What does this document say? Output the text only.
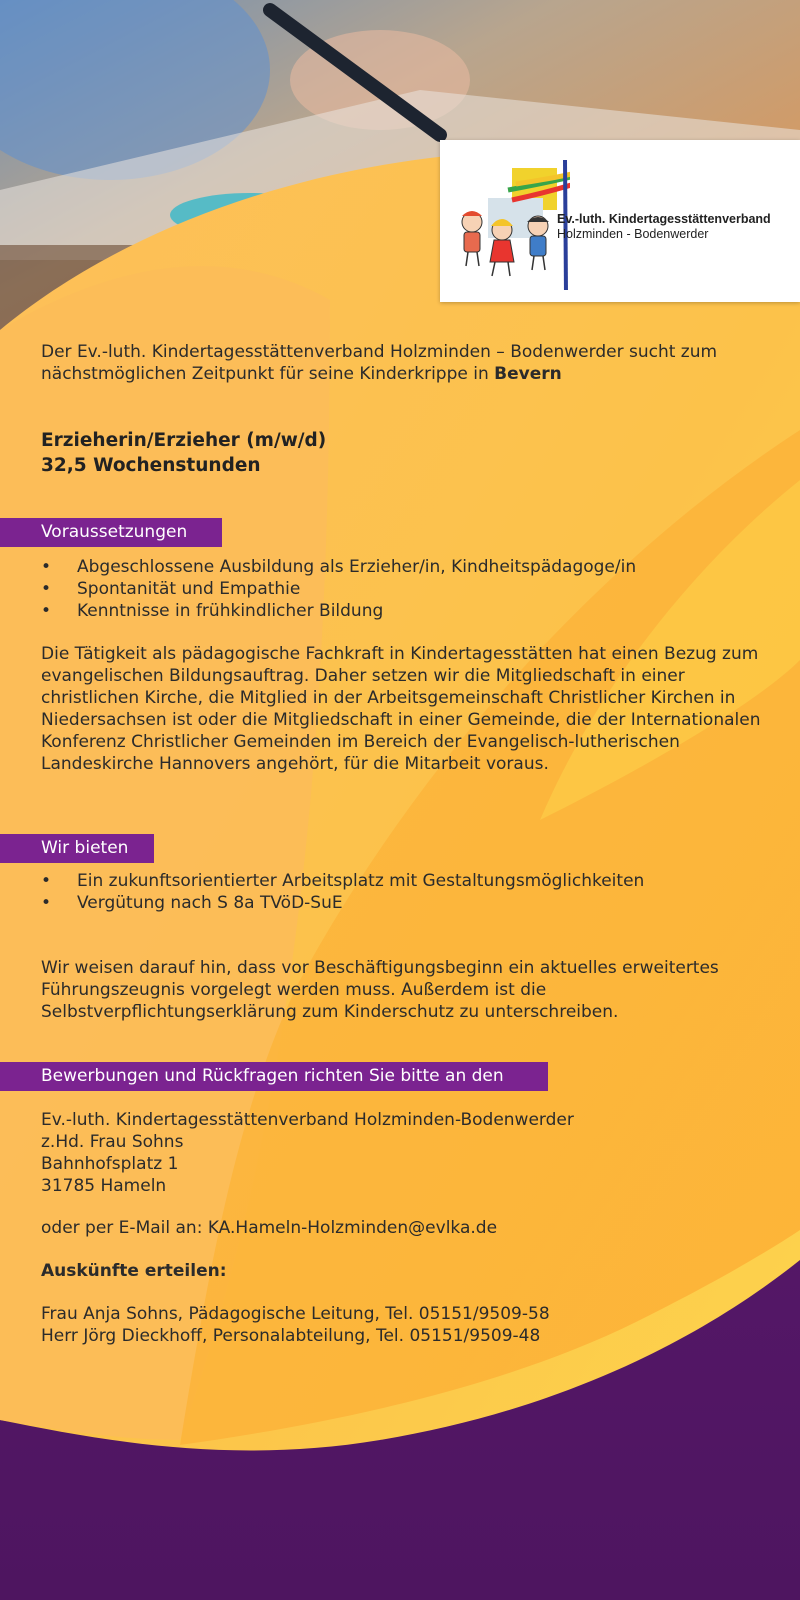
Ev.-luth. Kindertagesstättenverband
Holzminden - Bodenwerder
Der Ev.-luth. Kindertagesstättenverband Holzminden – Bodenwerder sucht zum nächstmöglichen Zeitpunkt für seine Kinderkrippe in Bevern
Erzieherin/Erzieher (m/w/d)
32,5 Wochenstunden
Voraussetzungen
• Abgeschlossene Ausbildung als Erzieher/in, Kindheitspädagoge/in
• Spontanität und Empathie
• Kenntnisse in frühkindlicher Bildung
Die Tätigkeit als pädagogische Fachkraft in Kindertagesstätten hat einen Bezug zum evangelischen Bildungsauftrag. Daher setzen wir die Mitgliedschaft in einer christlichen Kirche, die Mitglied in der Arbeitsgemeinschaft Christlicher Kirchen in Niedersachsen ist oder die Mitgliedschaft in einer Gemeinde, die der Internationalen Konferenz Christlicher Gemeinden im Bereich der Evangelisch-lutherischen Landeskirche Hannovers angehört, für die Mitarbeit voraus.
Wir bieten
• Ein zukunftsorientierter Arbeitsplatz mit Gestaltungsmöglichkeiten
• Vergütung nach S 8a TVöD-SuE
Wir weisen darauf hin, dass vor Beschäftigungsbeginn ein aktuelles erweitertes Führungszeugnis vorgelegt werden muss. Außerdem ist die Selbstverpflichtungserklärung zum Kinderschutz zu unterschreiben.
Bewerbungen und Rückfragen richten Sie bitte an den
Ev.-luth. Kindertagesstättenverband Holzminden-Bodenwerder
z.Hd. Frau Sohns
Bahnhofsplatz 1
31785 Hameln
oder per E-Mail an: KA.Hameln-Holzminden@evlka.de
Auskünfte erteilen:
Frau Anja Sohns, Pädagogische Leitung, Tel. 05151/9509-58
Herr Jörg Dieckhoff, Personalabteilung, Tel. 05151/9509-48
